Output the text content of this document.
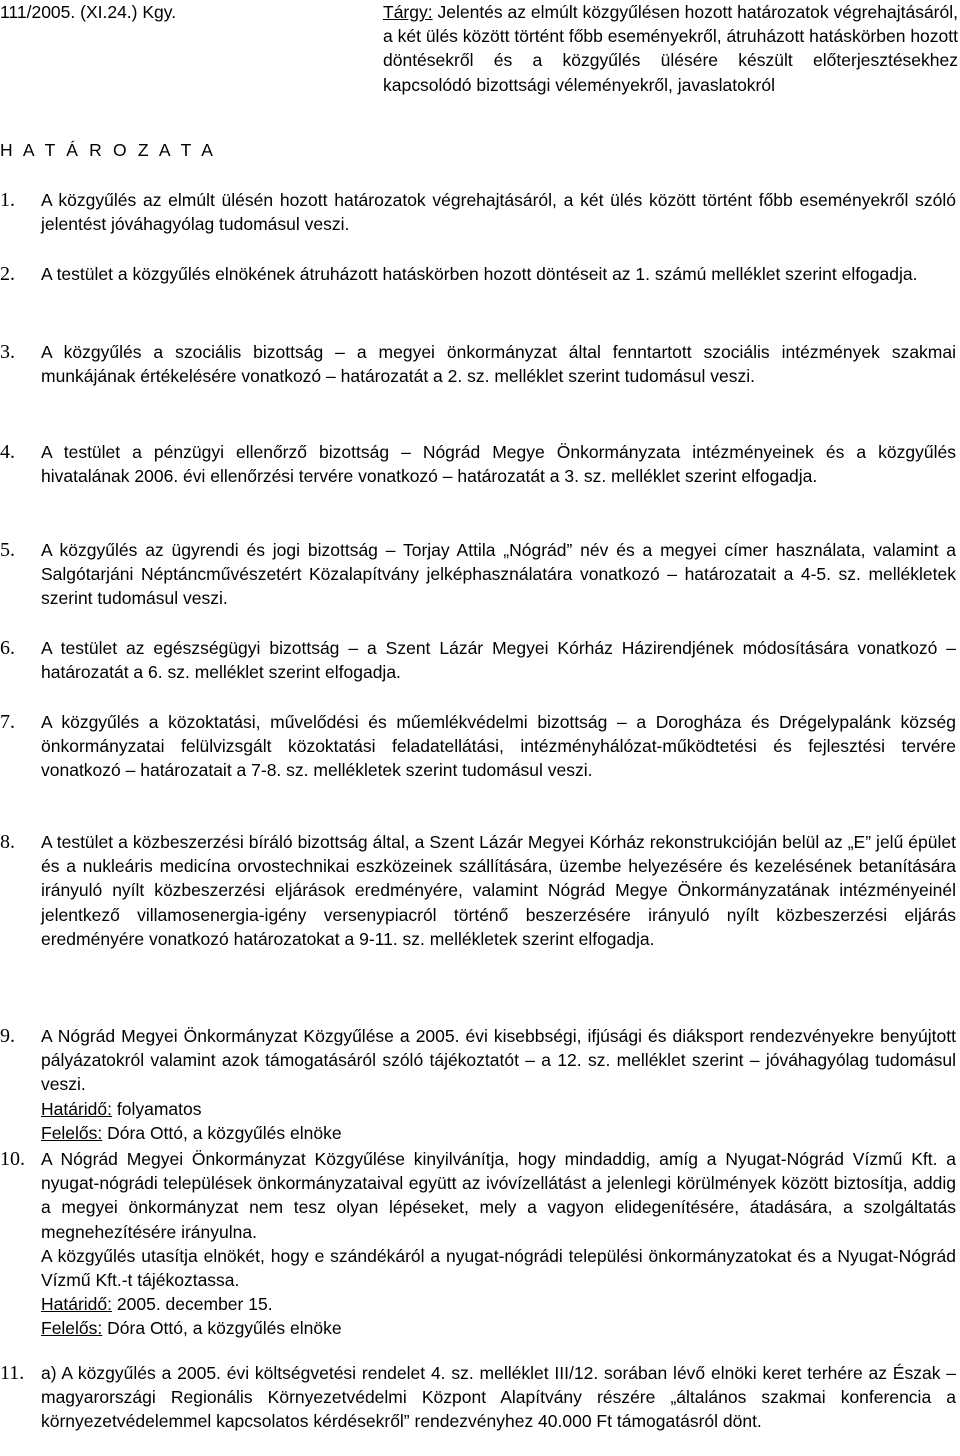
111/2005. (XI.24.) Kgy.	Tárgy: Jelentés az elmúlt közgyűlésen hozott határozatok végrehajtásáról, a két ülés között történt főbb eseményekről, átruházott hatáskörben hozott döntésekről és a közgyűlés ülésére készült előterjesztésekhez kapcsolódó bizottsági véleményekről, javaslatokról
H A T Á R O Z A T A
1. A közgyűlés az elmúlt ülésén hozott határozatok végrehajtásáról, a két ülés között történt főbb eseményekről szóló jelentést jóváhagyólag tudomásul veszi.

2. A testület a közgyűlés elnökének átruházott hatáskörben hozott döntéseit az 1. számú melléklet szerint elfogadja.

3. A közgyűlés a szociális bizottság – a megyei önkormányzat által fenntartott szociális intézmények szakmai munkájának értékelésére vonatkozó – határozatát a 2. sz. melléklet szerint tudomásul veszi.

4. A testület a pénzügyi ellenőrző bizottság – Nógrád Megye Önkormányzata intézményeinek és a közgyűlés hivatalának 2006. évi ellenőrzési tervére vonatkozó – határozatát a 3. sz. melléklet szerint elfogadja.

5. A közgyűlés az ügyrendi és jogi bizottság – Torjay Attila „Nógrád” név és a megyei címer használata, valamint a Salgótarjáni Néptáncművészetért Közalapítvány jelképhasználatára vonatkozó – határozatait a 4-5. sz. mellékletek szerint tudomásul veszi.

6. A testület az egészségügyi bizottság – a Szent Lázár Megyei Kórház Házirendjének módosítására vonatkozó – határozatát a 6. sz. melléklet szerint elfogadja.

7. A közgyűlés a közoktatási, művelődési és műemlékvédelmi bizottság – a Dorogháza és Drégelypalánk község önkormányzatai felülvizsgált közoktatási feladatellátási, intézményhálózat-működtetési és fejlesztési tervére vonatkozó – határozatait a 7-8. sz. mellékletek szerint tudomásul veszi.

8. A testület a közbeszerzési bíráló bizottság által, a Szent Lázár Megyei Kórház rekonstrukcióján belül az „E” jelű épület és a nukleáris medicína orvostechnikai eszközeinek szállítására, üzembe helyezésére és kezelésének betanítására irányuló nyílt közbeszerzési eljárások eredményére, valamint Nógrád Megye Önkormányzatának intézményeinél jelentkező villamosenergia-igény versenypiacról történő beszerzésére irányuló nyílt közbeszerzési eljárás eredményére vonatkozó határozatokat a 9-11. sz. mellékletek szerint elfogadja.

9. A Nógrád Megyei Önkormányzat Közgyűlése a 2005. évi kisebbségi, ifjúsági és diáksport rendezvényekre benyújtott pályázatokról valamint azok támogatásáról szóló tájékoztatót – a 12. sz. melléklet szerint – jóváhagyólag tudomásul veszi.

Határidő: folyamatos

Felelős: Dóra Ottó, a közgyűlés elnöke

10. A Nógrád Megyei Önkormányzat Közgyűlése kinyilvánítja, hogy mindaddig, amíg a Nyugat-Nógrád Vízmű Kft. a nyugat-nógrádi települések önkormányzataival együtt az ivóvízellátást a jelenlegi körülmények között biztosítja, addig a megyei önkormányzat nem tesz olyan lépéseket, mely a vagyon elidegenítésére, átadására, a szolgáltatás megnehezítésére irányulna.

A közgyűlés utasítja elnökét, hogy e szándékáról a nyugat-nógrádi települési önkormányzatokat és a Nyugat-Nógrád Vízmű Kft.-t tájékoztassa.

Határidő: 2005. december 15.

Felelős: Dóra Ottó, a közgyűlés elnöke

11. a) A közgyűlés a 2005. évi költségvetési rendelet 4. sz. melléklet III/12. sorában lévő elnöki keret terhére az Észak – magyarországi Regionális Környezetvédelmi Központ Alapítvány részére „általános szakmai konferencia a környezetvédelemmel kapcsolatos kérdésekről” rendezvényhez 40.000 Ft támogatásról dönt.
